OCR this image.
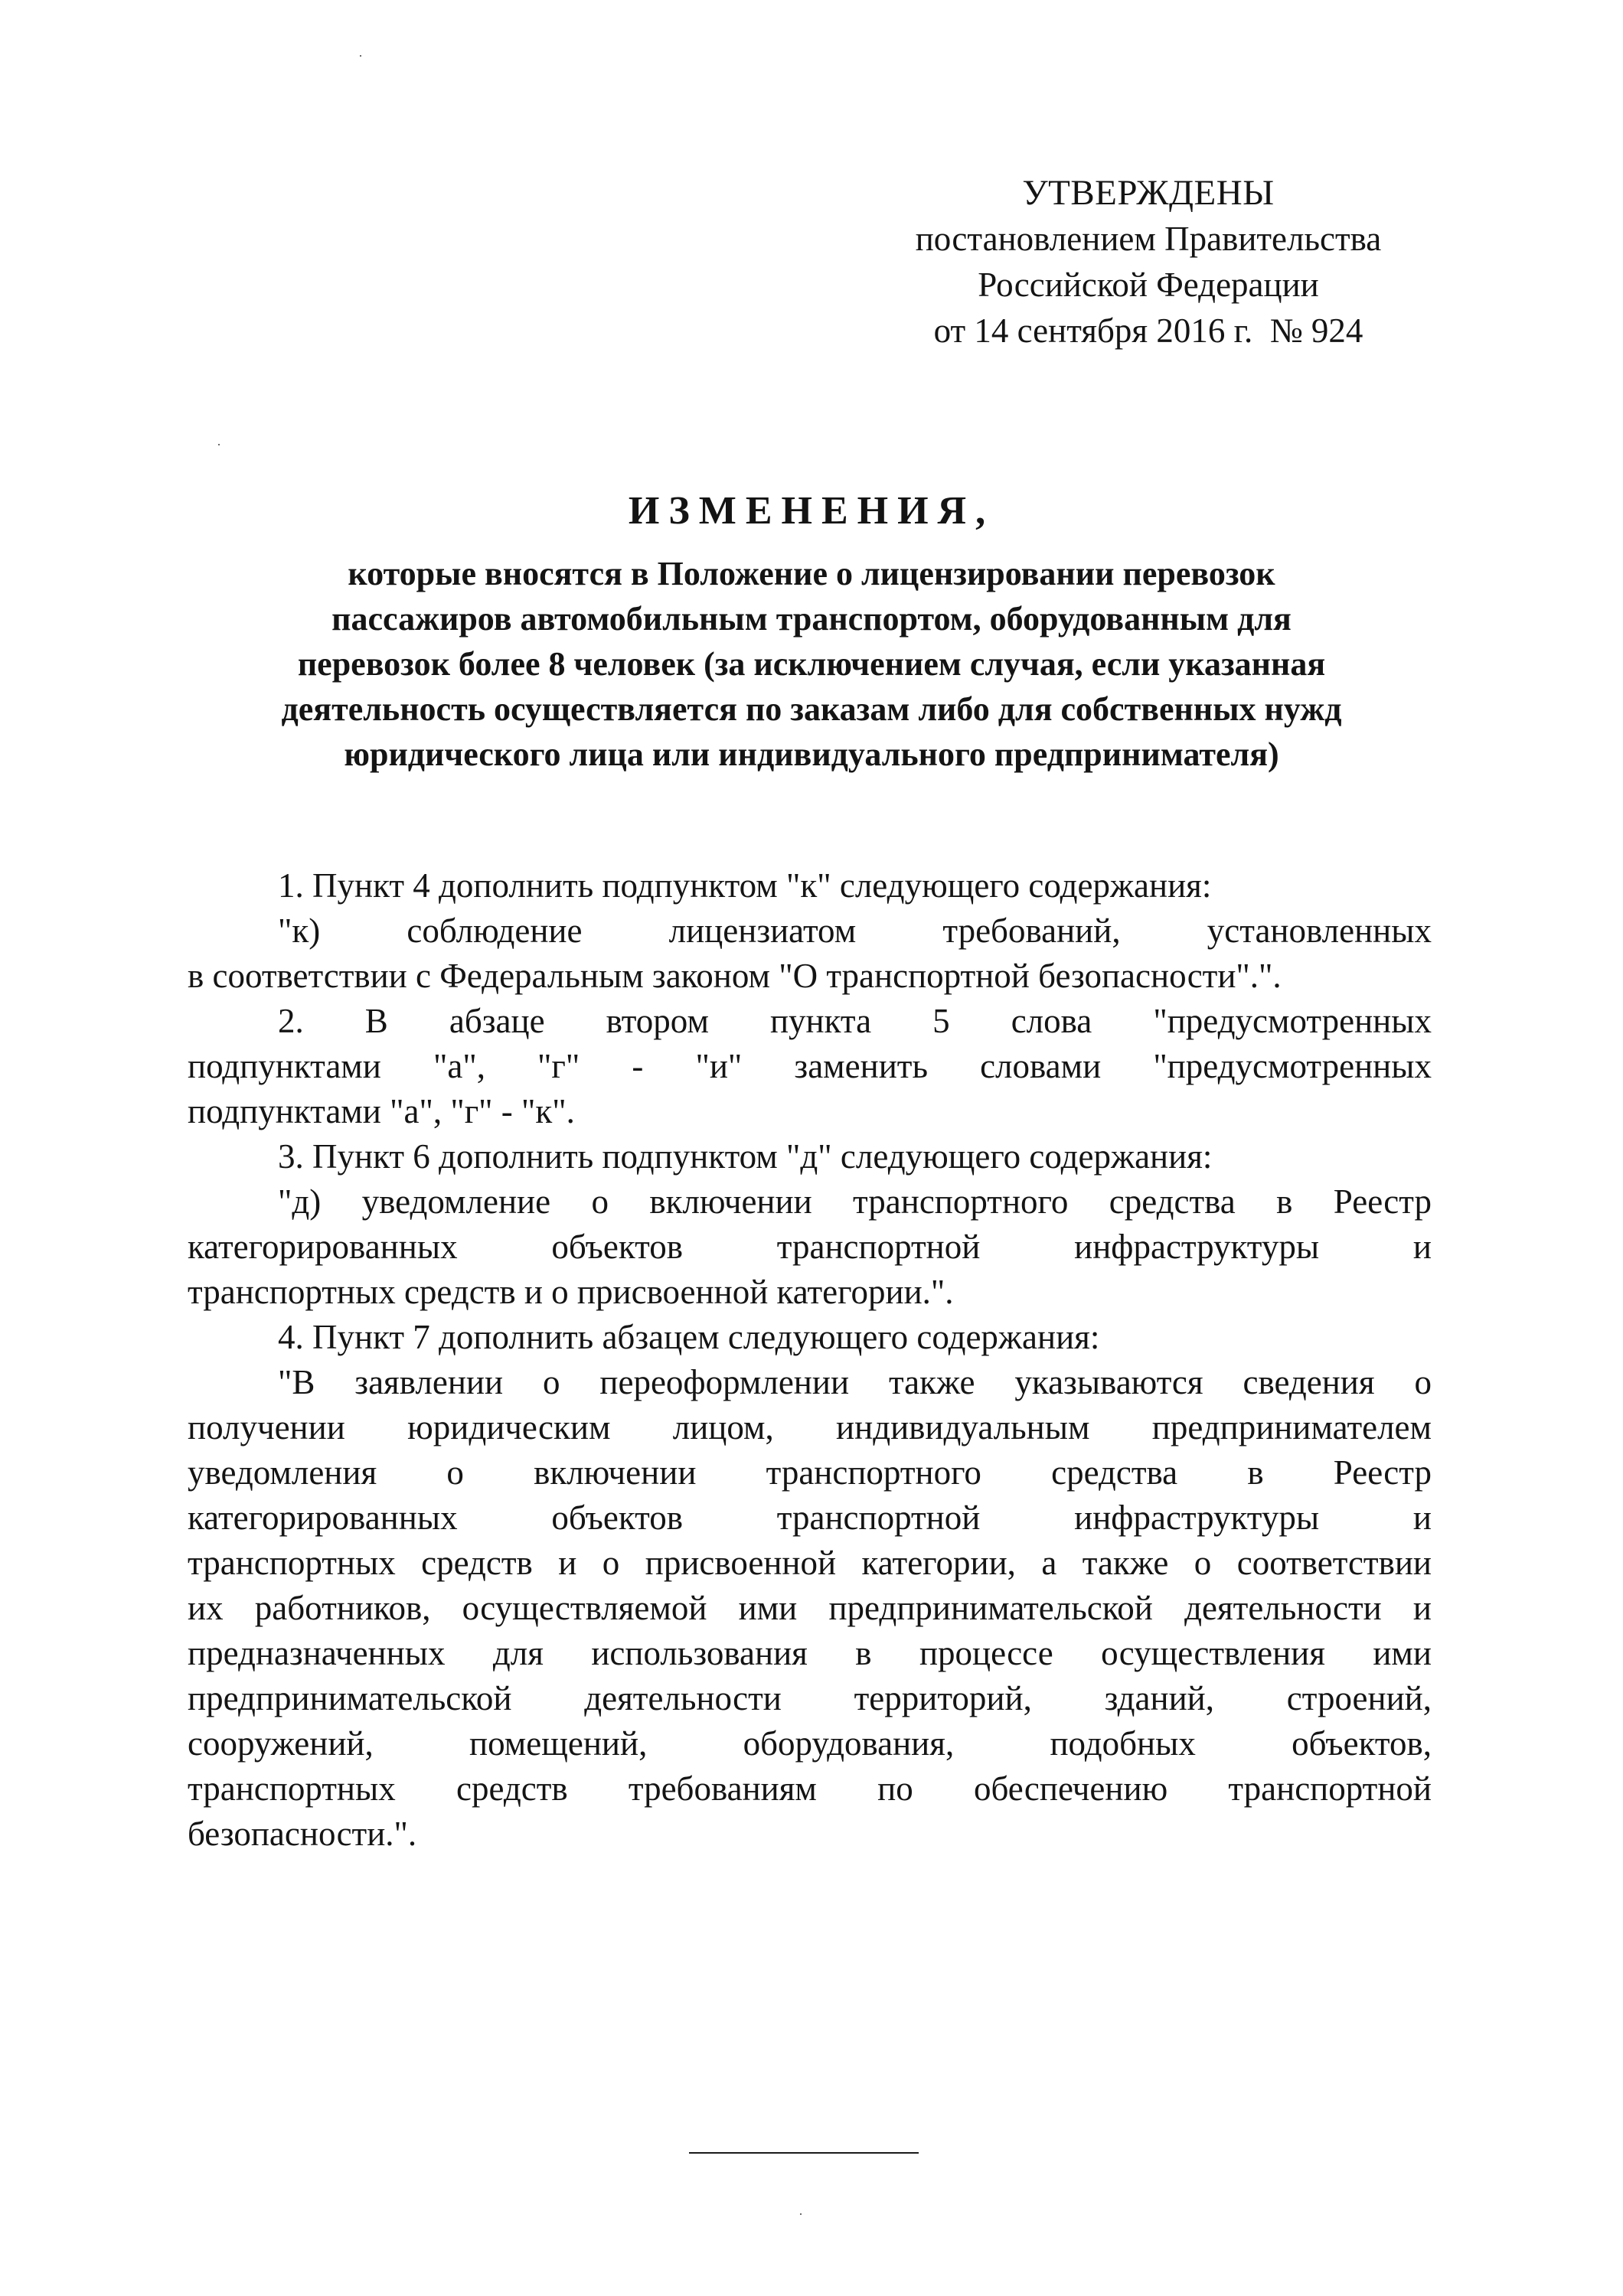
УТВЕРЖДЕНЫ
постановлением Правительства
Российской Федерации
от 14 сентября 2016 г. № 924
ИЗМЕНЕНИЯ,
которые вносятся в Положение о лицензировании перевозок
пассажиров автомобильным транспортом, оборудованным для
перевозок более 8 человек (за исключением случая, если указанная
деятельность осуществляется по заказам либо для собственных нужд
юридического лица или индивидуального предпринимателя)
1. Пункт 4 дополнить подпунктом "к" следующего содержания:
"к) соблюдение лицензиатом требований, установленных
в соответствии с Федеральным законом "О транспортной безопасности".".
2. В абзаце втором пункта 5 слова "предусмотренных
подпунктами "а", "г" - "и" заменить словами "предусмотренных
подпунктами "а", "г" - "к".
3. Пункт 6 дополнить подпунктом "д" следующего содержания:
"д) уведомление о включении транспортного средства в Реестр
категорированных объектов транспортной инфраструктуры и
транспортных средств и о присвоенной категории.".
4. Пункт 7 дополнить абзацем следующего содержания:
"В заявлении о переоформлении также указываются сведения о
получении юридическим лицом, индивидуальным предпринимателем
уведомления о включении транспортного средства в Реестр
категорированных объектов транспортной инфраструктуры и
транспортных средств и о присвоенной категории, а также о соответствии
их работников, осуществляемой ими предпринимательской деятельности и
предназначенных для использования в процессе осуществления ими
предпринимательской деятельности территорий, зданий, строений,
сооружений, помещений, оборудования, подобных объектов,
транспортных средств требованиям по обеспечению транспортной
безопасности.".
